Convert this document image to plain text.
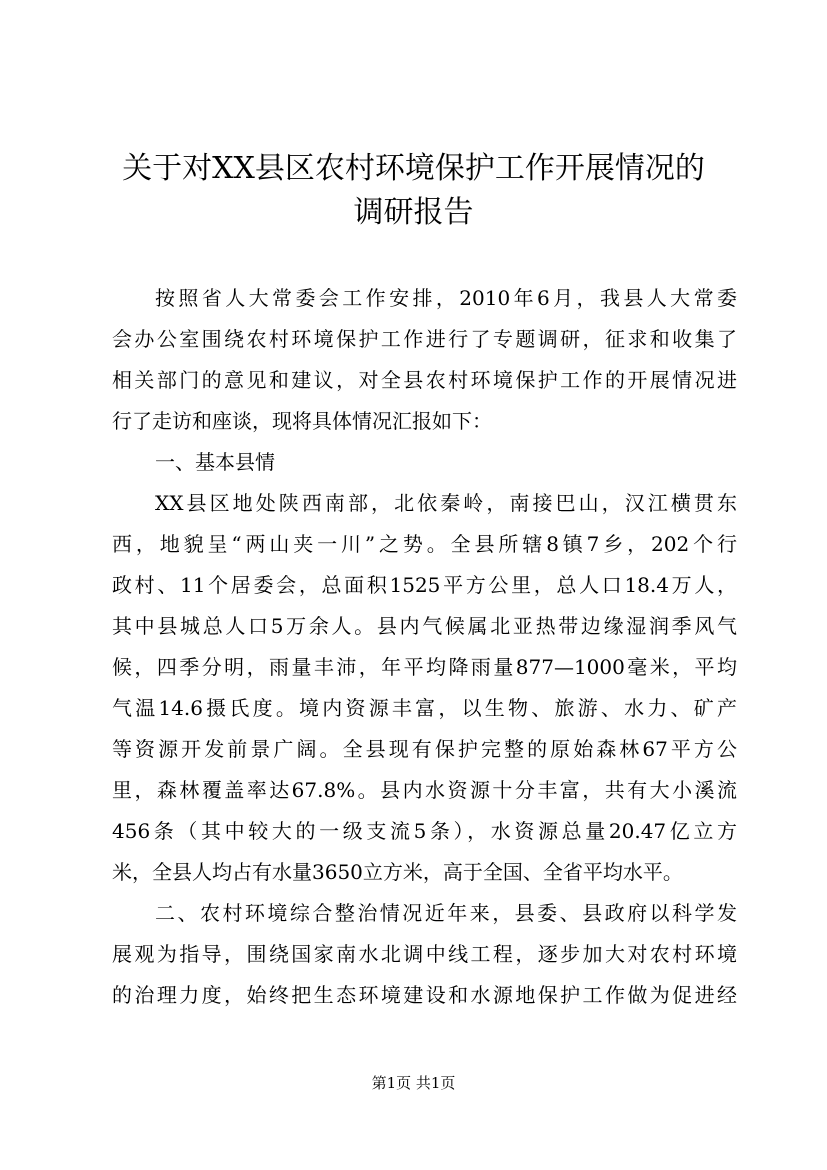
关于对XX县区农村环境保护工作开展情况的
调研报告
按照省人大常委会工作安排，2010年6月，我县人大常委
会办公室围绕农村环境保护工作进行了专题调研，征求和收集了
相关部门的意见和建议，对全县农村环境保护工作的开展情况进
行了走访和座谈，现将具体情况汇报如下：
一、基本县情
XX县区地处陕西南部，北依秦岭，南接巴山，汉江横贯东
西，地貌呈“两山夹一川”之势。全县所辖8镇7乡，202个行
政村、11个居委会，总面积1525平方公里，总人口18.4万人，
其中县城总人口5万余人。县内气候属北亚热带边缘湿润季风气
候，四季分明，雨量丰沛，年平均降雨量877—1000毫米，平均
气温14.6摄氏度。境内资源丰富，以生物、旅游、水力、矿产
等资源开发前景广阔。全县现有保护完整的原始森林67平方公
里，森林覆盖率达67.8%。县内水资源十分丰富，共有大小溪流
456条（其中较大的一级支流5条），水资源总量20.47亿立方
米，全县人均占有水量3650立方米，高于全国、全省平均水平。
二、农村环境综合整治情况近年来，县委、县政府以科学发
展观为指导，围绕国家南水北调中线工程，逐步加大对农村环境
的治理力度，始终把生态环境建设和水源地保护工作做为促进经
第1页 共1页
